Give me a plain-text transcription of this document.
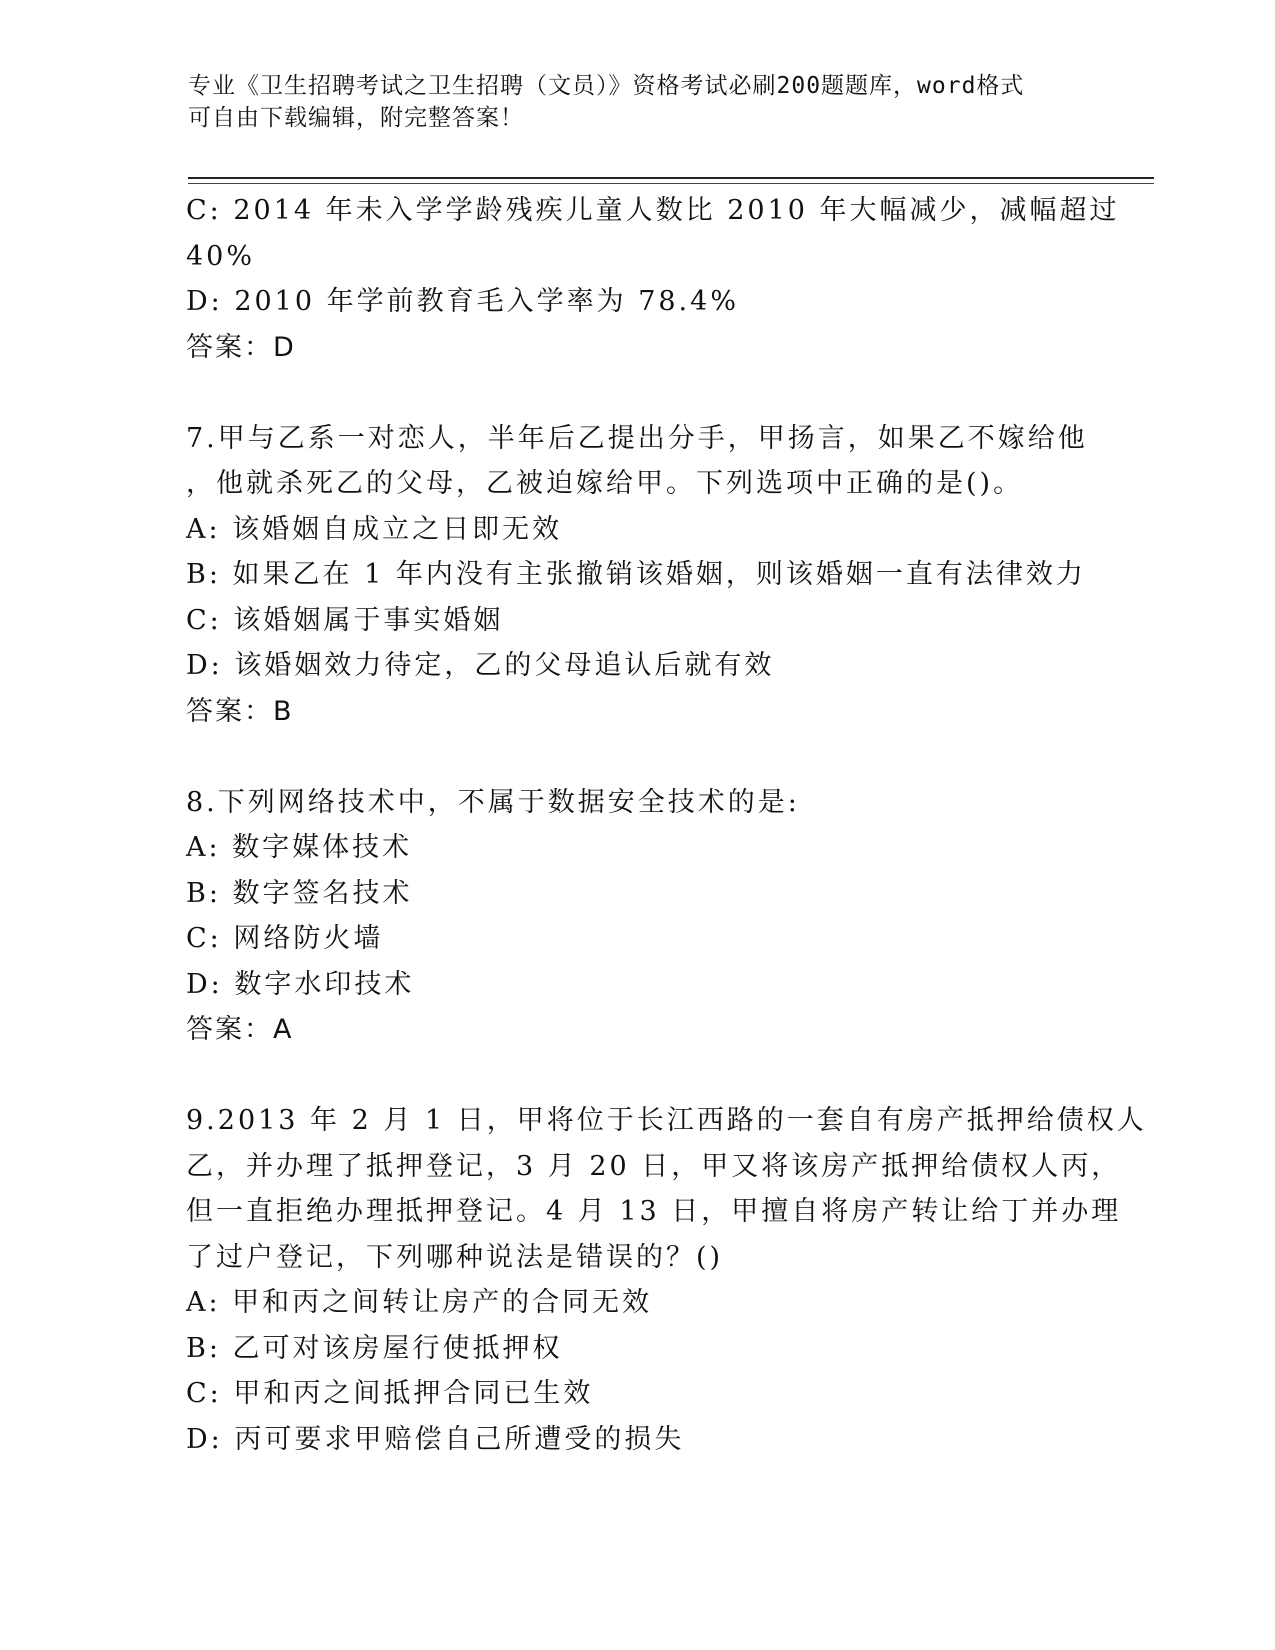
专业《卫生招聘考试之卫生招聘（文员）》资格考试必刷200题题库，word格式
可自由下载编辑，附完整答案！
C: 2014 年未入学学龄残疾儿童人数比 2010 年大幅减少，减幅超过
40%
D: 2010 年学前教育毛入学率为 78.4%
答案：D
7.甲与乙系一对恋人，半年后乙提出分手，甲扬言，如果乙不嫁给他
，他就杀死乙的父母，乙被迫嫁给甲。下列选项中正确的是()。
A: 该婚姻自成立之日即无效
B: 如果乙在 1 年内没有主张撤销该婚姻，则该婚姻一直有法律效力
C: 该婚姻属于事实婚姻
D: 该婚姻效力待定，乙的父母追认后就有效
答案：B
8.下列网络技术中，不属于数据安全技术的是:
A: 数字媒体技术
B: 数字签名技术
C: 网络防火墙
D: 数字水印技术
答案：A
9.2013 年 2 月 1 日，甲将位于长江西路的一套自有房产抵押给债权人
乙，并办理了抵押登记，3 月 20 日，甲又将该房产抵押给债权人丙，
但一直拒绝办理抵押登记。4 月 13 日，甲擅自将房产转让给丁并办理
了过户登记，下列哪种说法是错误的？()
A: 甲和丙之间转让房产的合同无效
B: 乙可对该房屋行使抵押权
C: 甲和丙之间抵押合同已生效
D: 丙可要求甲赔偿自己所遭受的损失
